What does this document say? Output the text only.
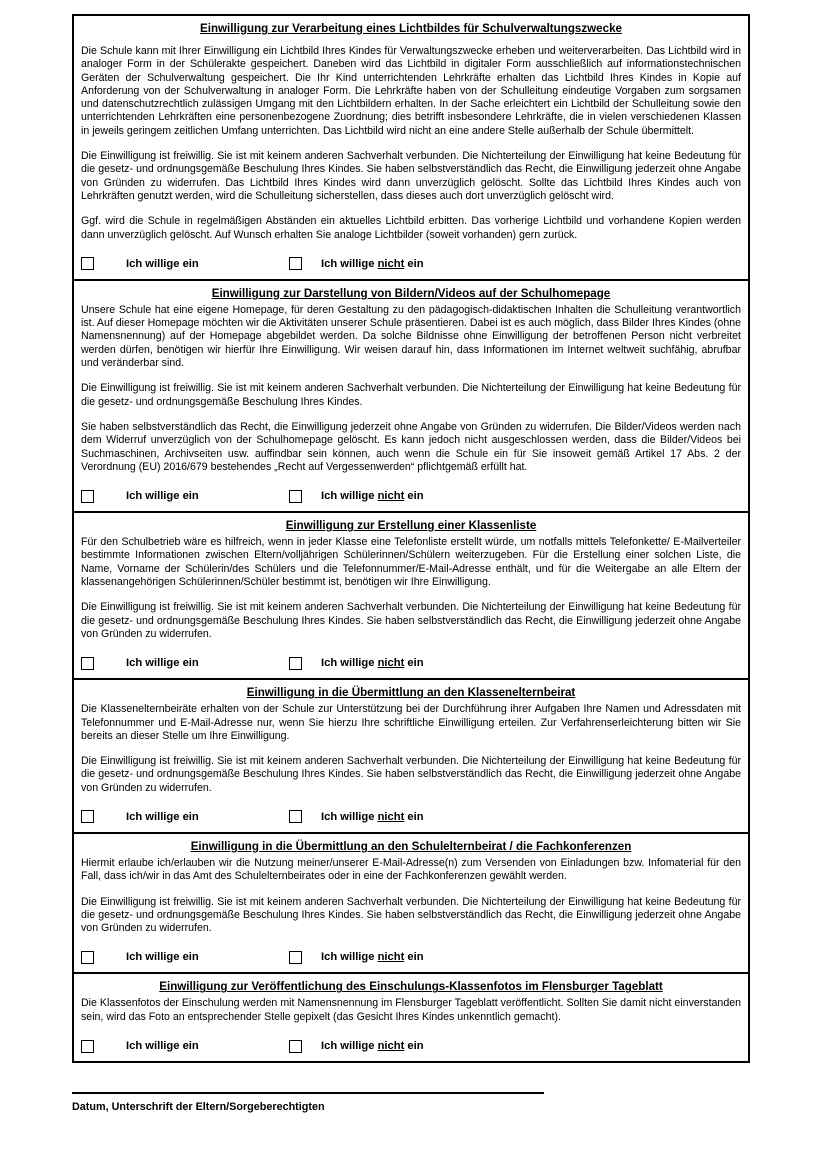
Einwilligung zur Verarbeitung eines Lichtbildes für Schulverwaltungszwecke

Die Schule kann mit Ihrer Einwilligung ein Lichtbild Ihres Kindes für Verwaltungszwecke erheben und weiterverarbeiten. Das Lichtbild wird in analoger Form in der Schülerakte gespeichert. Daneben wird das Lichtbild in digitaler Form ausschließlich auf informationstechnischen Geräten der Schulverwaltung gespeichert. Die Ihr Kind unterrichtenden Lehrkräfte erhalten das Lichtbild Ihres Kindes in Kopie auf Anforderung von der Schulverwaltung in analoger Form. Die Lehrkräfte haben von der Schulleitung eindeutige Vorgaben zum sorgsamen und datenschutzrechtlich zulässigen Umgang mit den Lichtbildern erhalten. In der Sache erleichtert ein Lichtbild der Schulleitung sowie den unterrichtenden Lehrkräften eine personenbezogene Zuordnung; dies betrifft insbesondere Lehrkräfte, die in vielen verschiedenen Klassen in jeweils geringem zeitlichen Umfang unterrichten. Das Lichtbild wird nicht an eine andere Stelle außerhalb der Schule übermittelt.

Die Einwilligung ist freiwillig. Sie ist mit keinem anderen Sachverhalt verbunden. Die Nichterteilung der Einwilligung hat keine Bedeutung für die gesetz- und ordnungsgemäße Beschulung Ihres Kindes. Sie haben selbstverständlich das Recht, die Einwilligung jederzeit ohne Angabe von Gründen zu widerrufen. Das Lichtbild Ihres Kindes wird dann unverzüglich gelöscht. Sollte das Lichtbild Ihres Kindes auch von Lehrkräften genutzt werden, wird die Schulleitung sicherstellen, dass dieses auch dort unverzüglich gelöscht wird.

Ggf. wird die Schule in regelmäßigen Abständen ein aktuelles Lichtbild erbitten. Das vorherige Lichtbild und vorhandene Kopien werden dann unverzüglich gelöscht. Auf Wunsch erhalten Sie analoge Lichtbilder (soweit vorhanden) gern zurück.

Ich willige ein	Ich willige nicht ein
Einwilligung zur Darstellung von Bildern/Videos auf der Schulhomepage

Unsere Schule hat eine eigene Homepage, für deren Gestaltung zu den pädagogisch-didaktischen Inhalten die Schulleitung verantwortlich ist. Auf dieser Homepage möchten wir die Aktivitäten unserer Schule präsentieren. Dabei ist es auch möglich, dass Bilder Ihres Kindes (ohne Namensnennung) auf der Homepage abgebildet werden. Da solche Bildnisse ohne Einwilligung der betroffenen Person nicht verbreitet werden dürfen, benötigen wir hierfür Ihre Einwilligung. Wir weisen darauf hin, dass Informationen im Internet weltweit suchfähig, abrufbar und veränderbar sind.

Die Einwilligung ist freiwillig. Sie ist mit keinem anderen Sachverhalt verbunden. Die Nichterteilung der Einwilligung hat keine Bedeutung für die gesetz- und ordnungsgemäße Beschulung Ihres Kindes.

Sie haben selbstverständlich das Recht, die Einwilligung jederzeit ohne Angabe von Gründen zu widerrufen. Die Bilder/Videos werden nach dem Widerruf unverzüglich von der Schulhomepage gelöscht. Es kann jedoch nicht ausgeschlossen werden, dass die Bilder/Videos bei Suchmaschinen, Archivseiten usw. auffindbar sein können, auch wenn die Schule ein für Sie insoweit gemäß Artikel 17 Abs. 2 der Verordnung (EU) 2016/679 bestehendes „Recht auf Vergessenwerden“ pflichtgemäß erfüllt hat.

Ich willige ein	Ich willige nicht ein
Einwilligung zur Erstellung einer Klassenliste

Für den Schulbetrieb wäre es hilfreich, wenn in jeder Klasse eine Telefonliste erstellt würde, um notfalls mittels Telefonkette/ E-Mailverteiler bestimmte Informationen zwischen Eltern/volljährigen Schülerinnen/Schülern weiterzugeben. Für die Erstellung einer solchen Liste, die Name, Vorname der Schülerin/des Schülers und die Telefonnummer/E-Mail-Adresse enthält, und für die Weitergabe an alle Eltern der klassenangehörigen Schülerinnen/Schüler bestimmt ist, benötigen wir Ihre Einwilligung.

Die Einwilligung ist freiwillig. Sie ist mit keinem anderen Sachverhalt verbunden. Die Nichterteilung der Einwilligung hat keine Bedeutung für die gesetz- und ordnungsgemäße Beschulung Ihres Kindes. Sie haben selbstverständlich das Recht, die Einwilligung jederzeit ohne Angabe von Gründen zu widerrufen.

Ich willige ein	Ich willige nicht ein
Einwilligung in die Übermittlung an den Klassenelternbeirat

Die Klassenelternbeiräte erhalten von der Schule zur Unterstützung bei der Durchführung ihrer Aufgaben Ihre Namen und Adressdaten mit Telefonnummer und E-Mail-Adresse nur, wenn Sie hierzu Ihre schriftliche Einwilligung erteilen. Zur Verfahrenserleichterung bitten wir Sie bereits an dieser Stelle um Ihre Einwilligung.

Die Einwilligung ist freiwillig. Sie ist mit keinem anderen Sachverhalt verbunden. Die Nichterteilung der Einwilligung hat keine Bedeutung für die gesetz- und ordnungsgemäße Beschulung Ihres Kindes. Sie haben selbstverständlich das Recht, die Einwilligung jederzeit ohne Angabe von Gründen zu widerrufen.

Ich willige ein	Ich willige nicht ein
Einwilligung in die Übermittlung an den Schulelternbeirat / die Fachkonferenzen

Hiermit erlaube ich/erlauben wir die Nutzung meiner/unserer E-Mail-Adresse(n) zum Versenden von Einladungen bzw. Infomaterial für den Fall, dass ich/wir in das Amt des Schulelternbeirates oder in eine der Fachkonferenzen gewählt werden.

Die Einwilligung ist freiwillig. Sie ist mit keinem anderen Sachverhalt verbunden. Die Nichterteilung der Einwilligung hat keine Bedeutung für die gesetz- und ordnungsgemäße Beschulung Ihres Kindes. Sie haben selbstverständlich das Recht, die Einwilligung jederzeit ohne Angabe von Gründen zu widerrufen.

Ich willige ein	Ich willige nicht ein
Einwilligung zur Veröffentlichung des Einschulungs-Klassenfotos im Flensburger Tageblatt

Die Klassenfotos der Einschulung werden mit Namensnennung im Flensburger Tageblatt veröffentlicht. Sollten Sie damit nicht einverstanden sein, wird das Foto an entsprechender Stelle gepixelt (das Gesicht Ihres Kindes unkenntlich gemacht).

Ich willige ein	Ich willige nicht ein
Datum, Unterschrift der Eltern/Sorgeberechtigten
